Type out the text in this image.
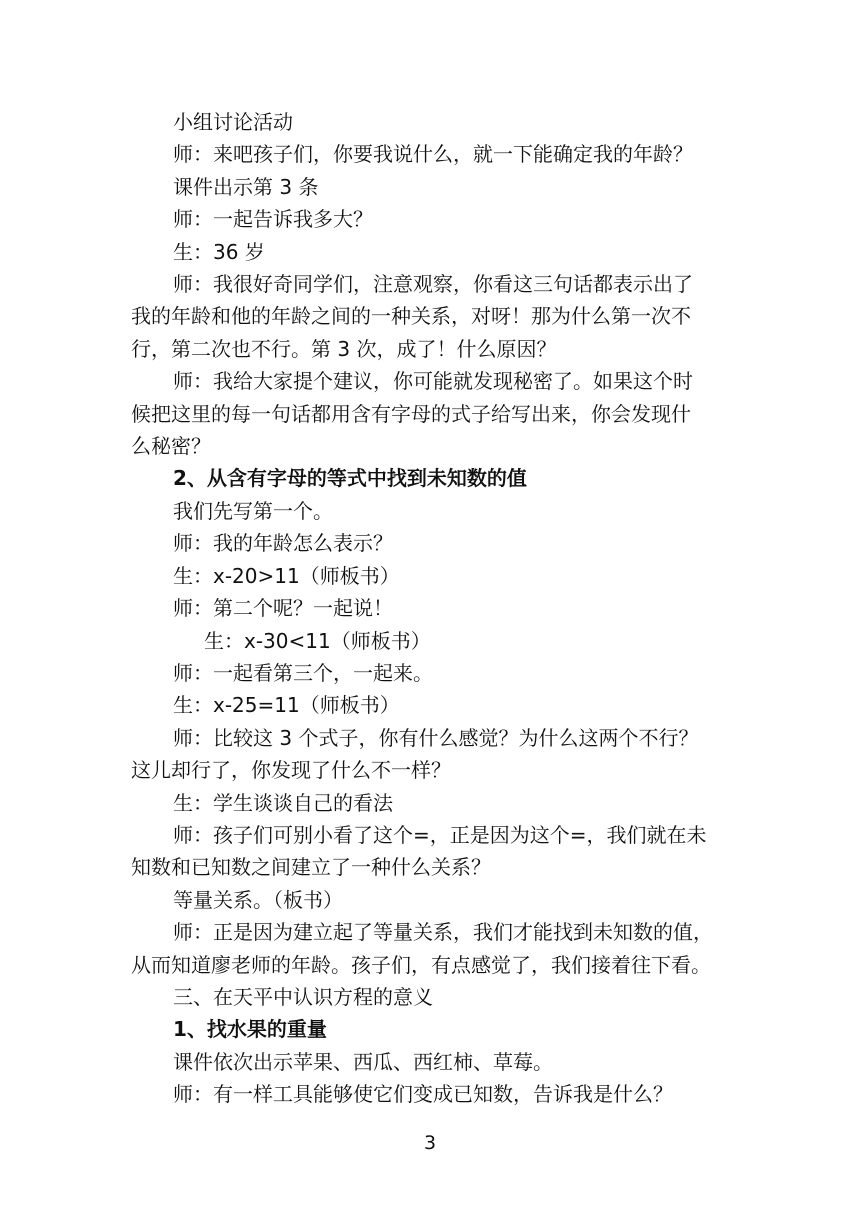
小组讨论活动
师：来吧孩子们，你要我说什么，就一下能确定我的年龄？
课件出示第 3 条
师：一起告诉我多大？
生：36 岁
师：我很好奇同学们，注意观察，你看这三句话都表示出了
我的年龄和他的年龄之间的一种关系，对呀！那为什么第一次不
行，第二次也不行。第 3 次，成了！什么原因？
师：我给大家提个建议，你可能就发现秘密了。如果这个时
候把这里的每一句话都用含有字母的式子给写出来，你会发现什
么秘密？
2、从含有字母的等式中找到未知数的值
我们先写第一个。
师：我的年龄怎么表示？
生：x-20>11（师板书）
师：第二个呢？一起说！
生：x-30<11（师板书）
师：一起看第三个，一起来。
生：x-25=11（师板书）
师：比较这 3 个式子，你有什么感觉？为什么这两个不行？
这儿却行了，你发现了什么不一样？
生：学生谈谈自己的看法
师：孩子们可别小看了这个=，正是因为这个=，我们就在未
知数和已知数之间建立了一种什么关系？
等量关系。（板书）
师：正是因为建立起了等量关系，我们才能找到未知数的值，
从而知道廖老师的年龄。孩子们，有点感觉了，我们接着往下看。
三、在天平中认识方程的意义
1、找水果的重量
课件依次出示苹果、西瓜、西红柿、草莓。
师：有一样工具能够使它们变成已知数，告诉我是什么？
3
